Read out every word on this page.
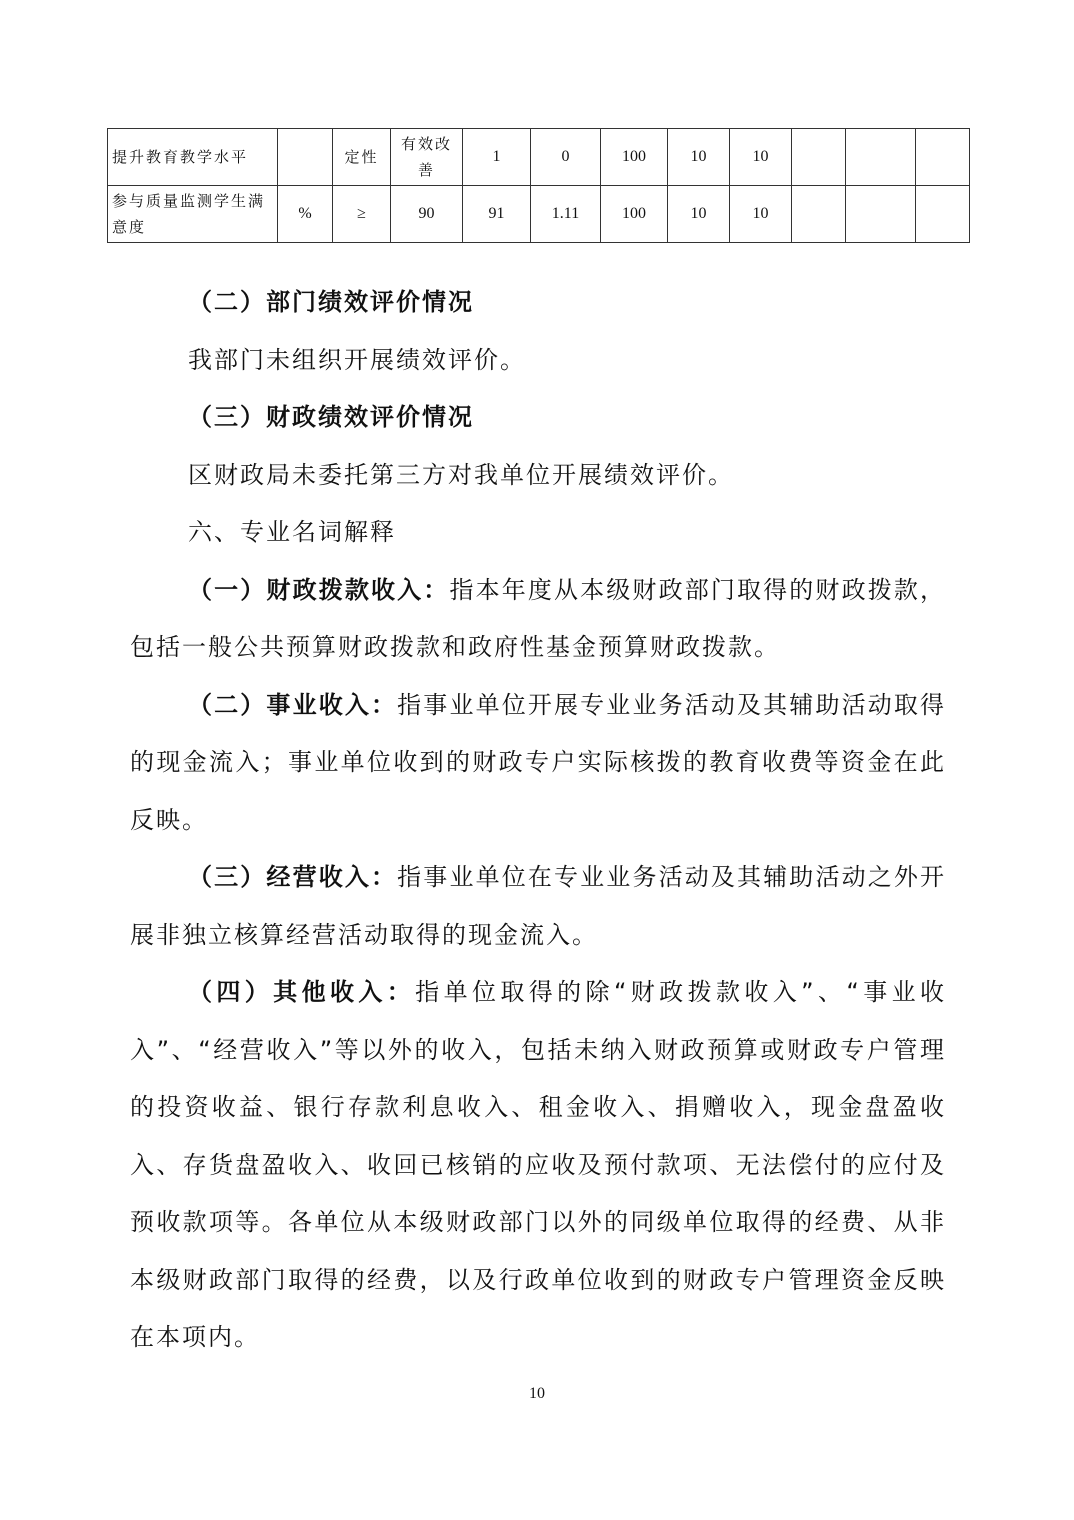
提升教育教学水平		定性	有效改善	1	0	100	10	10			
参与质量监测学生满意度	%	≥	90	91	1.11	100	10	10			

（二）部门绩效评价情况

我部门未组织开展绩效评价。

（三）财政绩效评价情况

区财政局未委托第三方对我单位开展绩效评价。

六、专业名词解释

（一）财政拨款收入：指本年度从本级财政部门取得的财政拨款，包括一般公共预算财政拨款和政府性基金预算财政拨款。

（二）事业收入：指事业单位开展专业业务活动及其辅助活动取得的现金流入；事业单位收到的财政专户实际核拨的教育收费等资金在此反映。

（三）经营收入：指事业单位在专业业务活动及其辅助活动之外开展非独立核算经营活动取得的现金流入。

（四）其他收入：指单位取得的除“财政拨款收入”、“事业收入”、“经营收入”等以外的收入，包括未纳入财政预算或财政专户管理的投资收益、银行存款利息收入、租金收入、捐赠收入，现金盘盈收入、存货盘盈收入、收回已核销的应收及预付款项、无法偿付的应付及预收款项等。各单位从本级财政部门以外的同级单位取得的经费、从非本级财政部门取得的经费，以及行政单位收到的财政专户管理资金反映在本项内。

10
